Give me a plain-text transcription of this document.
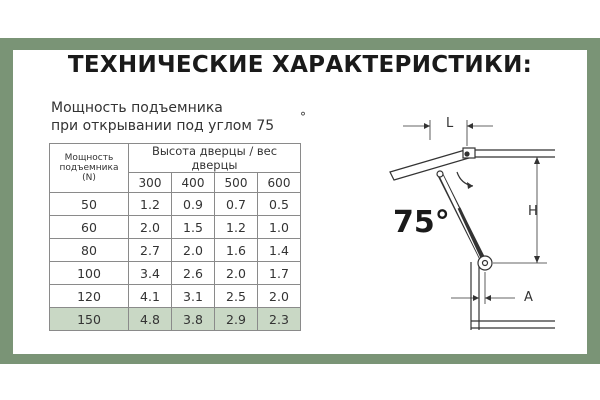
ТЕХНИЧЕСКИЕ ХАРАКТЕРИСТИКИ:
Мощность подъемника
при открывании под углом 75
°
Мощность
подъемника
(N)	Высота дверцы / вес дверцы			
	300	400	500	600
50	1.2	0.9	0.7	0.5
60	2.0	1.5	1.2	1.0
80	2.7	2.0	1.6	1.4
100	3.4	2.6	2.0	1.7
120	4.1	3.1	2.5	2.0
150	4.8	3.8	2.9	2.3
75°
L
H
A
